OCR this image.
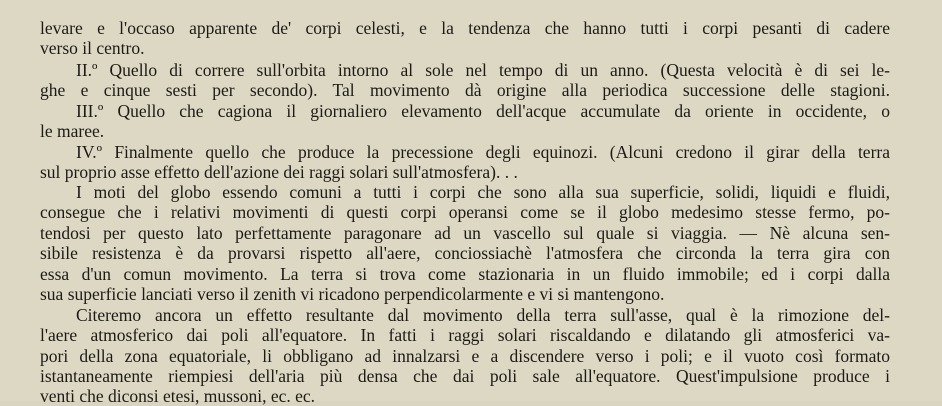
levare e l'occaso apparente de' corpi celesti, e la tendenza che hanno tutti i corpi pesanti di cadere
verso il centro.
II.º Quello di correre sull'orbita intorno al sole nel tempo di un anno. (Questa velocità è di sei le-
ghe e cinque sesti per secondo). Tal movimento dà origine alla periodica successione delle stagioni.
III.º Quello che cagiona il giornaliero elevamento dell'acque accumulate da oriente in occidente, o
le maree.
IV.º Finalmente quello che produce la precessione degli equinozi. (Alcuni credono il girar della terra
sul proprio asse effetto dell'azione dei raggi solari sull'atmosfera). . .
I moti del globo essendo comuni a tutti i corpi che sono alla sua superficie, solidi, liquidi e fluidi,
consegue che i relativi movimenti di questi corpi operansi come se il globo medesimo stesse fermo, po-
tendosi per questo lato perfettamente paragonare ad un vascello sul quale si viaggia. — Nè alcuna sen-
sibile resistenza è da provarsi rispetto all'aere, conciossiachè l'atmosfera che circonda la terra gira con
essa d'un comun movimento. La terra si trova come stazionaria in un fluido immobile; ed i corpi dalla
sua superficie lanciati verso il zenith vi ricadono perpendicolarmente e vi si mantengono.
Citeremo ancora un effetto resultante dal movimento della terra sull'asse, qual è la rimozione del-
l'aere atmosferico dai poli all'equatore. In fatti i raggi solari riscaldando e dilatando gli atmosferici va-
pori della zona equatoriale, li obbligano ad innalzarsi e a discendere verso i poli; e il vuoto così formato
istantaneamente riempiesi dell'aria più densa che dai poli sale all'equatore. Quest'impulsione produce i
venti che diconsi etesi, mussoni, ec. ec.
